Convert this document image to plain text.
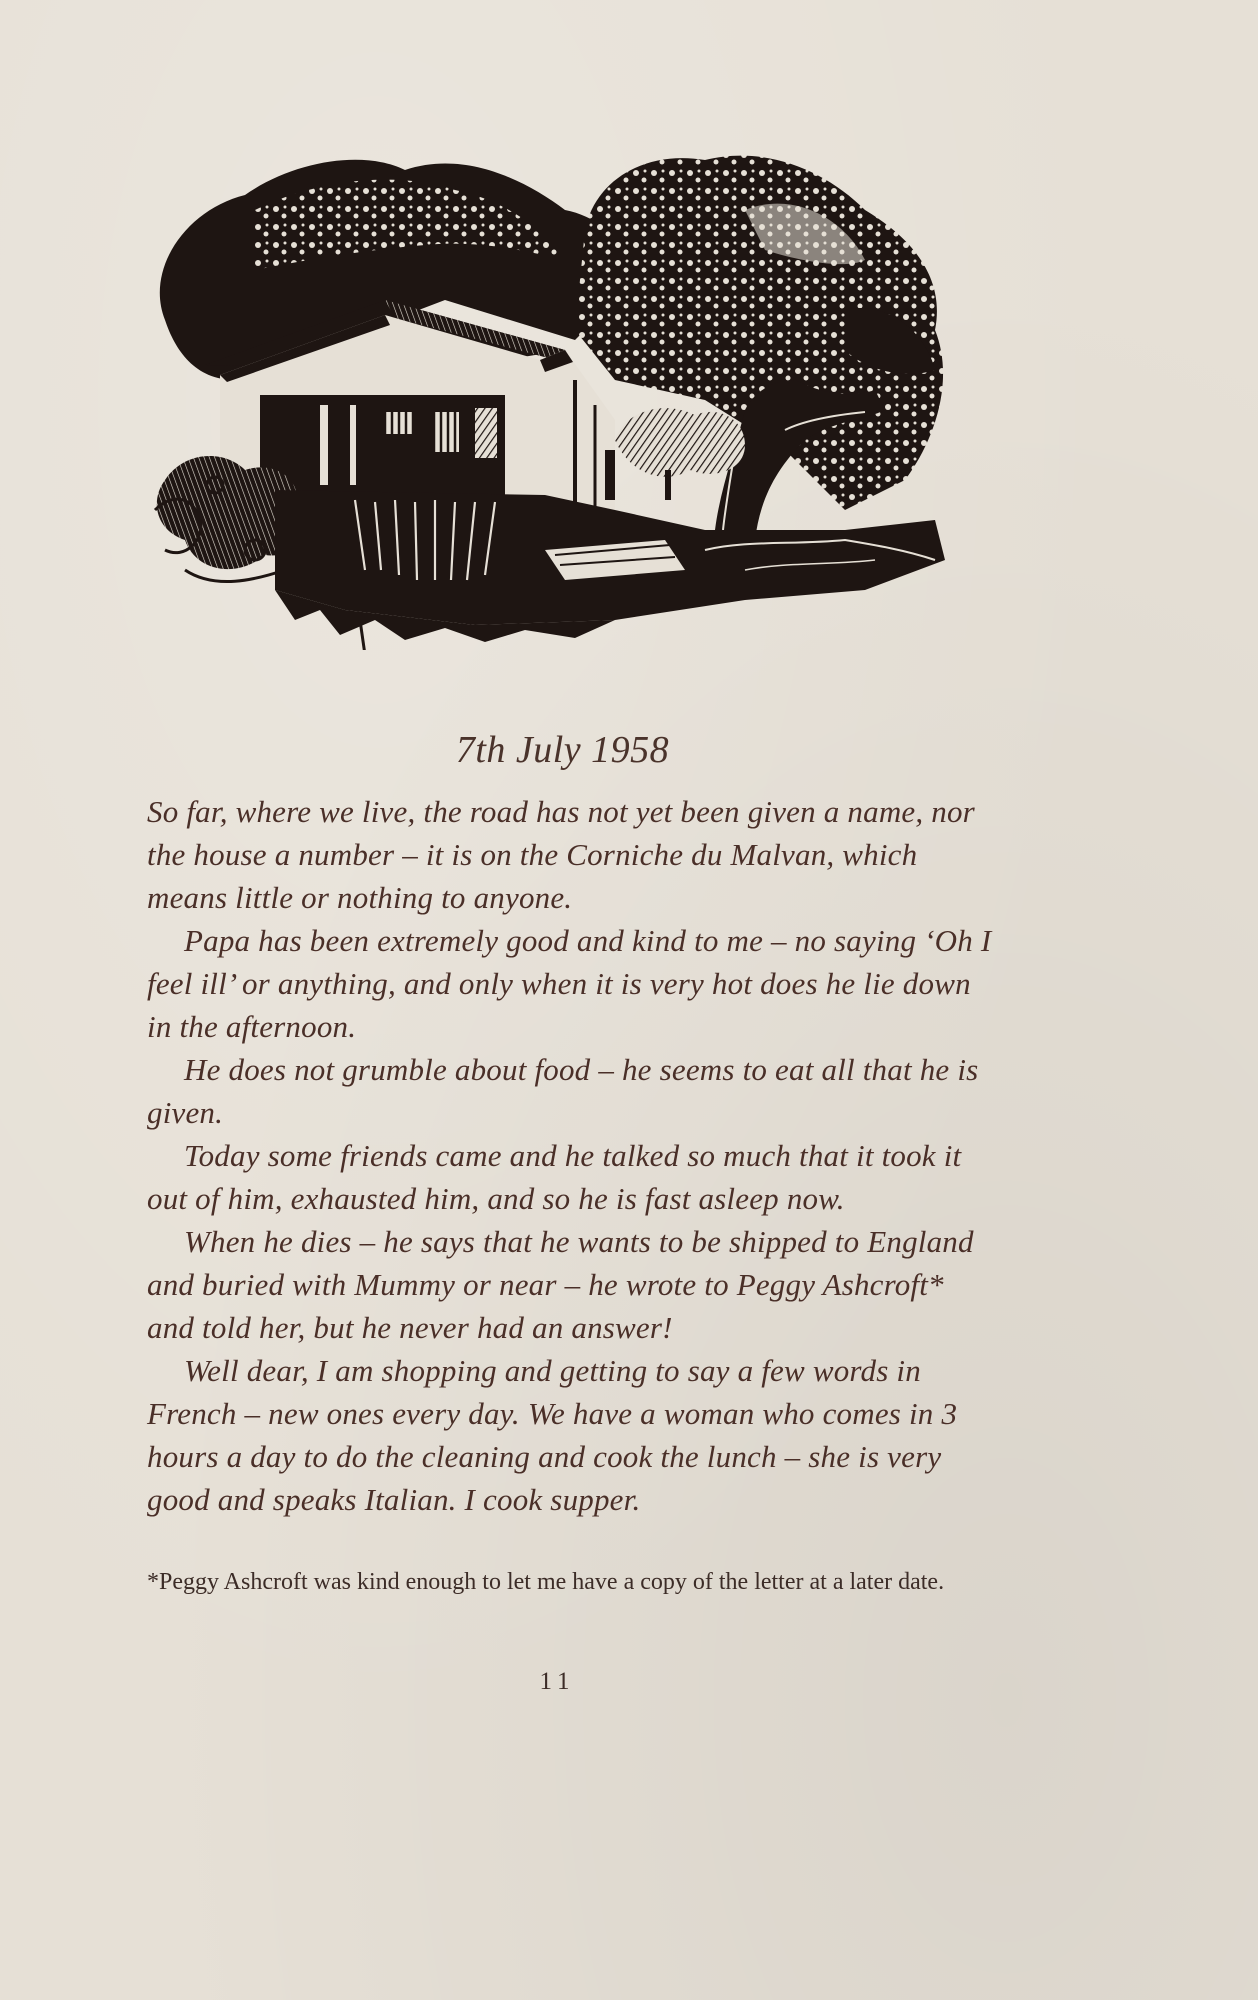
7th July 1958

So far, where we live, the road has not yet been given a name, nor the house a number – it is on the Corniche du Malvan, which means little or nothing to anyone.

Papa has been extremely good and kind to me – no saying ‘Oh I feel ill’ or anything, and only when it is very hot does he lie down in the afternoon.

He does not grumble about food – he seems to eat all that he is given.

Today some friends came and he talked so much that it took it out of him, exhausted him, and so he is fast asleep now.

When he dies – he says that he wants to be shipped to England and buried with Mummy or near – he wrote to Peggy Ashcroft* and told her, but he never had an answer!

Well dear, I am shopping and getting to say a few words in French – new ones every day. We have a woman who comes in 3 hours a day to do the cleaning and cook the lunch – she is very good and speaks Italian. I cook supper.

*Peggy Ashcroft was kind enough to let me have a copy of the letter at a later date.
11
